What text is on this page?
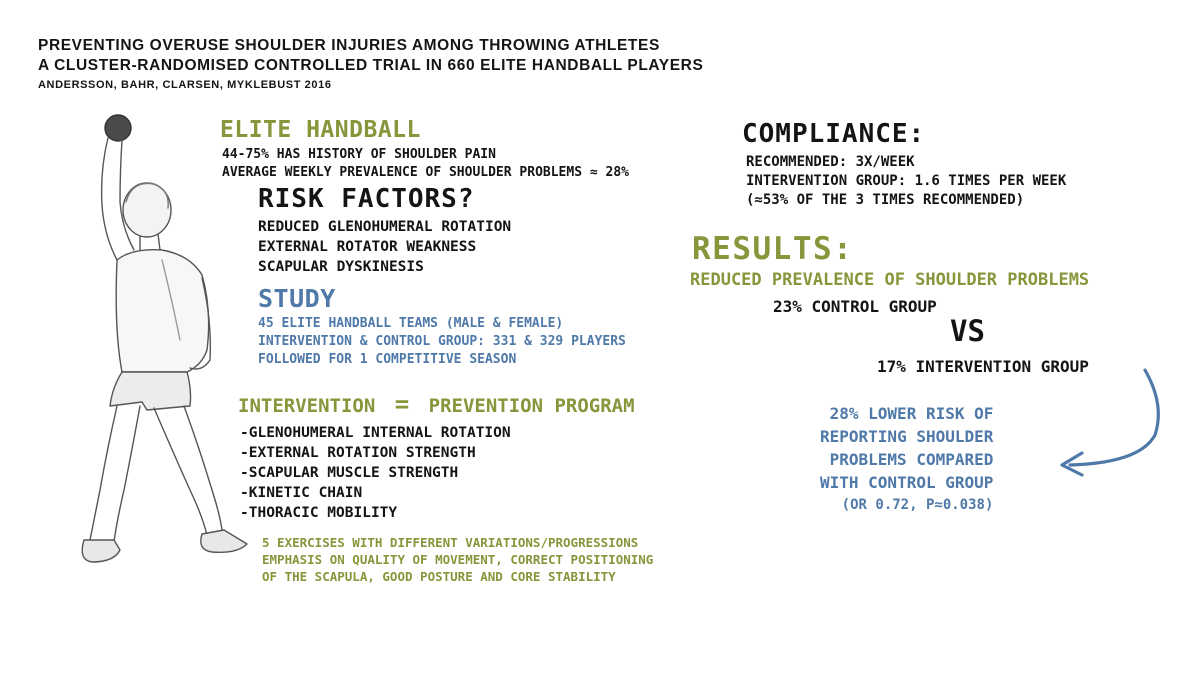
PREVENTING OVERUSE SHOULDER INJURIES AMONG THROWING ATHLETES

A CLUSTER-RANDOMISED CONTROLLED TRIAL IN 660 ELITE HANDBALL PLAYERS

ANDERSSON, BAHR, CLARSEN, MYKLEBUST 2016

ELITE HANDBALL

44-75% HAS HISTORY OF SHOULDER PAIN
AVERAGE WEEKLY PREVALENCE OF SHOULDER PROBLEMS ≈ 28%

RISK FACTORS?

REDUCED GLENOHUMERAL ROTATION
EXTERNAL ROTATOR WEAKNESS
SCAPULAR DYSKINESIS

STUDY

45 ELITE HANDBALL TEAMS (MALE & FEMALE)
INTERVENTION & CONTROL GROUP: 331 & 329 PLAYERS
FOLLOWED FOR 1 COMPETITIVE SEASON

INTERVENTION = PREVENTION PROGRAM

-GLENOHUMERAL INTERNAL ROTATION
-EXTERNAL ROTATION STRENGTH
-SCAPULAR MUSCLE STRENGTH
-KINETIC CHAIN
-THORACIC MOBILITY
5 EXERCISES WITH DIFFERENT VARIATIONS/PROGRESSIONS
EMPHASIS ON QUALITY OF MOVEMENT, CORRECT POSITIONING
OF THE SCAPULA, GOOD POSTURE AND CORE STABILITY

COMPLIANCE:

RECOMMENDED: 3X/WEEK
INTERVENTION GROUP: 1.6 TIMES PER WEEK
(≈53% OF THE 3 TIMES RECOMMENDED)

RESULTS:

REDUCED PREVALENCE OF SHOULDER PROBLEMS

23% CONTROL GROUP

VS

17% INTERVENTION GROUP

28% LOWER RISK OF
REPORTING SHOULDER
PROBLEMS COMPARED
WITH CONTROL GROUP
(OR 0.72, P≈0.038)
